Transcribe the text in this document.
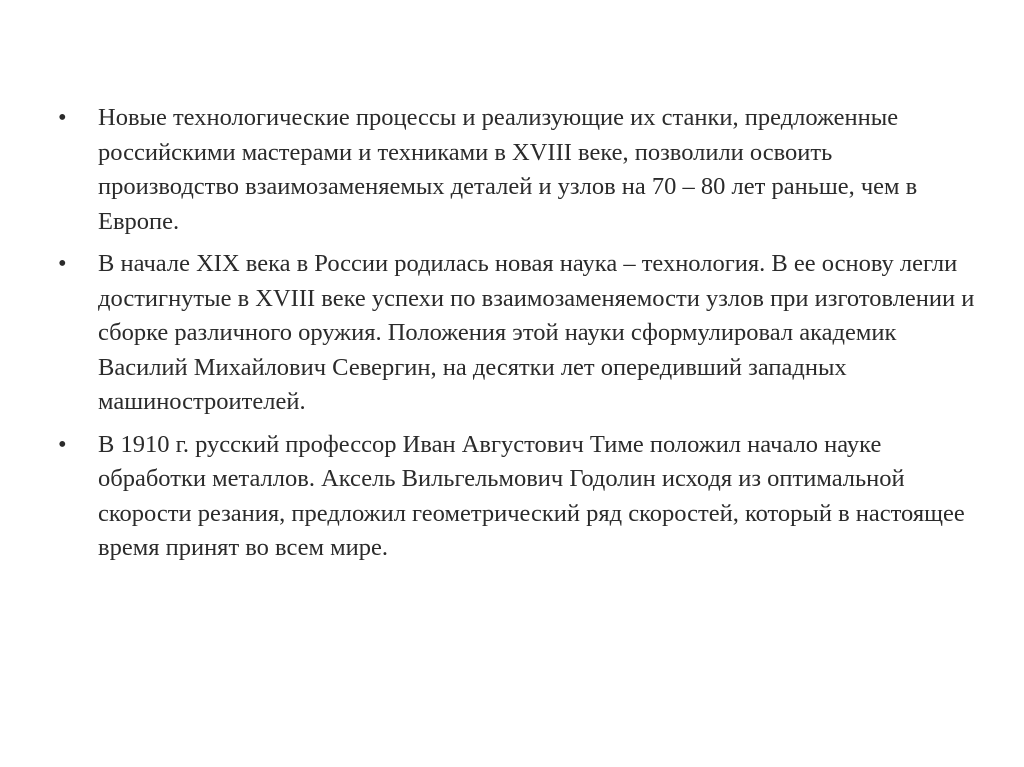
•	Новые технологические процессы и реализующие их станки, предложенные российскими мастерами и техниками в XVIII веке, позволили освоить производство взаимозаменяемых деталей и узлов на 70 – 80 лет раньше, чем в Европе.
•	В начале XIX века в России родилась новая наука – технология. В ее основу легли достигнутые в XVIII веке успехи по взаимозаменяемости узлов при изготовлении и сборке различного оружия. Положения этой науки сформулировал академик Василий Михайлович Севергин, на десятки лет опередивший западных машиностроителей.
•	В 1910 г. русский профессор Иван Августович Тиме положил начало науке обработки металлов. Аксель Вильгельмович Годолин исходя из оптимальной скорости резания, предложил геометрический ряд скоростей, который в настоящее время принят во всем мире.
